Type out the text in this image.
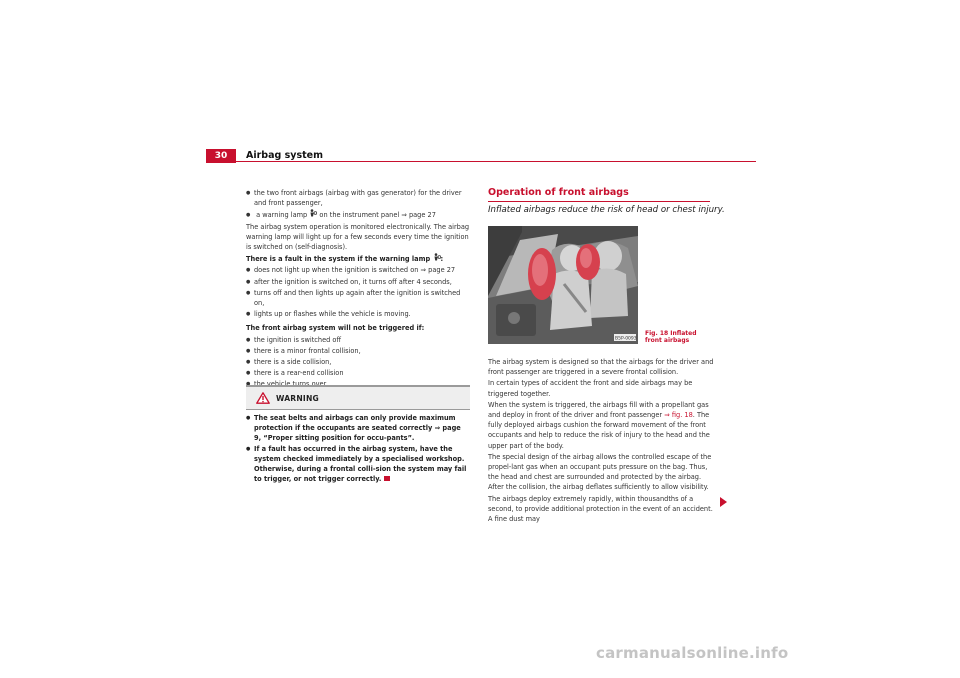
30	Airbag system

● the two front airbags (airbag with gas generator) for the driver and front passenger,

● a warning lamp  on the instrument panel ⇒ page 27

The airbag system operation is monitored electronically. The airbag warning lamp will light up for a few seconds every time the ignition is switched on (self-diagnosis).

There is a fault in the system if the warning lamp :

● does not light up when the ignition is switched on ⇒ page 27

● after the ignition is switched on, it turns off after 4 seconds,

● turns off and then lights up again after the ignition is switched on,

● lights up or flashes while the vehicle is moving.

The front airbag system will not be triggered if:

● the ignition is switched off

● there is a minor frontal collision,

● there is a side collision,

● there is a rear-end collision

●

WARNING

● The seat belts and airbags can only provide maximum protection if the occupants are seated correctly ⇒ page 9, “Proper sitting position for occu-pants”.

● If a fault has occurred in the airbag system, have the system checked immediately by a specialised workshop. Otherwise, during a frontal colli-sion the system may fail to trigger, or not trigger correctly.

Operation of front airbags
Inflated airbags reduce the risk of head or chest injury.
B5P-0093
Fig. 18 Inflated front airbags

The airbag system is designed so that the airbags for the driver and front passenger are triggered in a severe frontal collision.

In certain types of accident the front and side airbags may be triggered together.

When the system is triggered, the airbags fill with a propellant gas and deploy in front of the driver and front passenger ⇒ fig. 18. The fully deployed airbags cushion the forward movement of the front occupants and help to reduce the risk of injury to the head and the upper part of the body.

The special design of the airbag allows the controlled escape of the propel-lant gas when an occupant puts pressure on the bag. Thus, the head and chest are surrounded and protected by the airbag. After the collision, the airbag deflates sufficiently to allow visibility.

The airbags deploy extremely rapidly, within thousandths of a second, to provide additional protection in the event of an accident. A fine dust may

carmanualsonline.info
